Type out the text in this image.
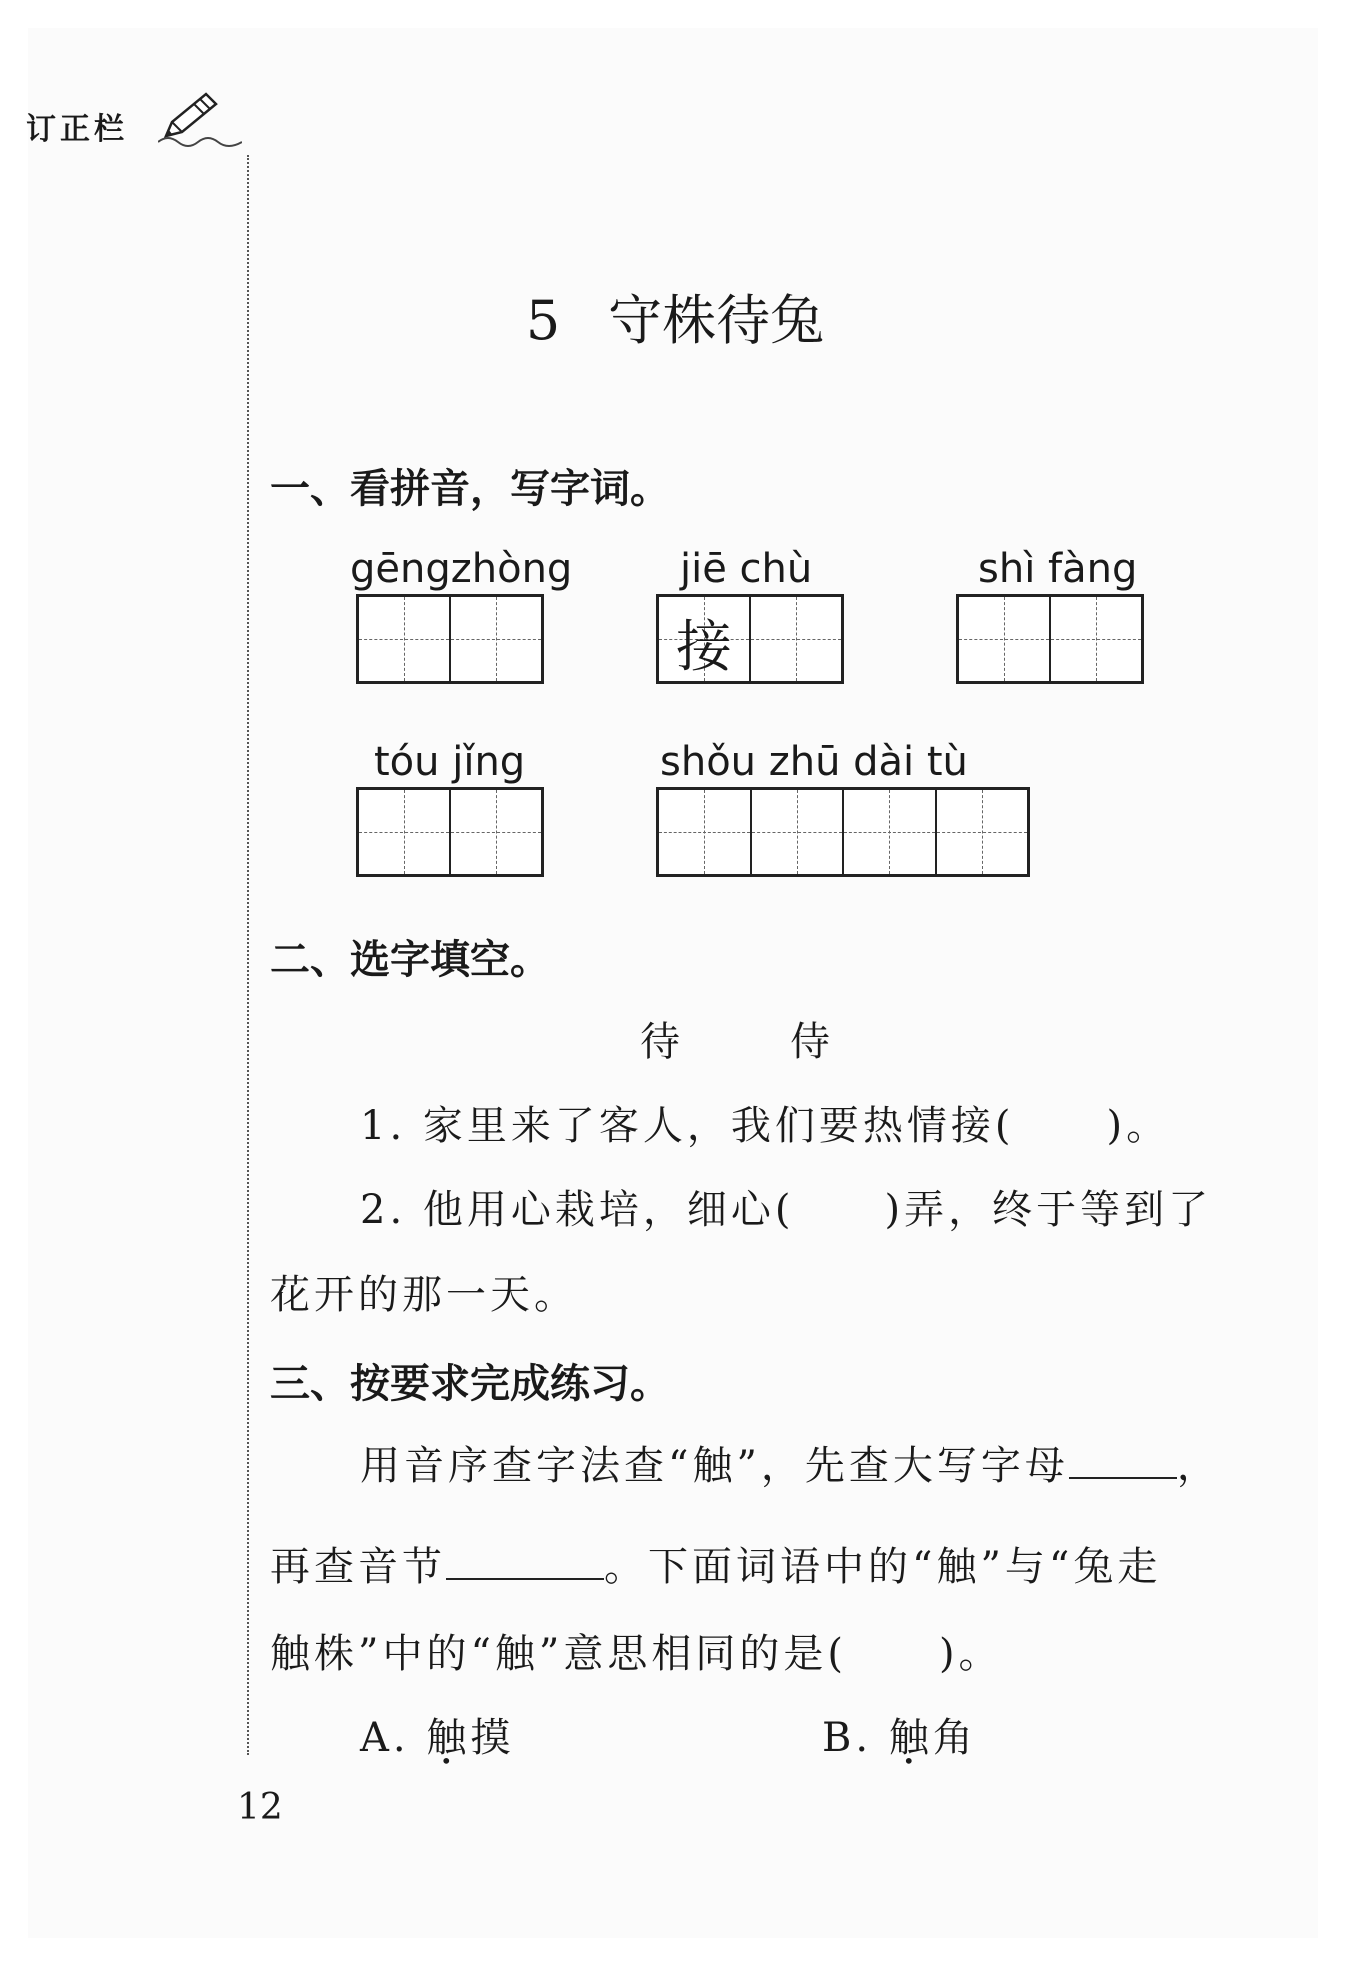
订正栏
5 守株待兔
一、看拼音，写字词。
gēngzhòng	jiē chù
接
shì fàng
tóu jǐng	shǒu zhū dài tù
二、选字填空。
待　　侍
1. 家里来了客人，我们要热情接( )。
2. 他用心栽培，细心( )弄，终于等到了
花开的那一天。
三、按要求完成练习。
用音序查字法查“触”，先查大写字母	，
再查音节	。下面词语中的“触”与“兔走
触株”中的“触”意思相同的是( )。
A. 触摸	B. 触角
12
